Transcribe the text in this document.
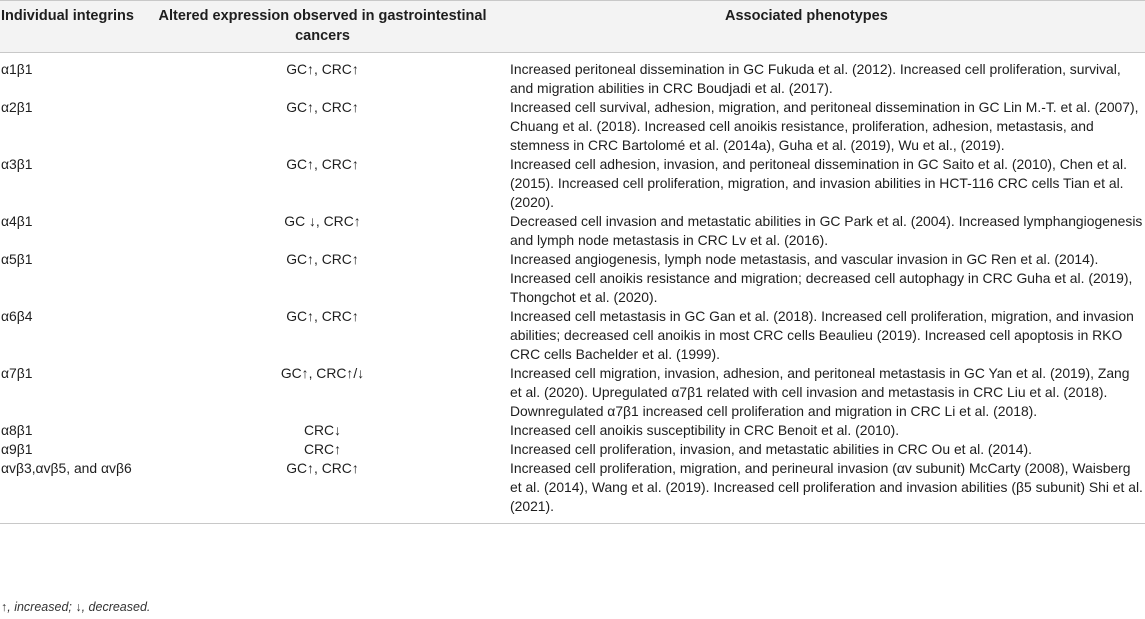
Individual integrins	Altered expression observed in gastrointestinal cancers	Associated phenotypes
α1β1	GC↑, CRC↑	Increased peritoneal dissemination in GC Fukuda et al. (2012). Increased cell proliferation, survival, and migration abilities in CRC Boudjadi et al. (2017).
α2β1	GC↑, CRC↑	Increased cell survival, adhesion, migration, and peritoneal dissemination in GC Lin M.-T. et al. (2007), Chuang et al. (2018). Increased cell anoikis resistance, proliferation, adhesion, metastasis, and stemness in CRC Bartolomé et al. (2014a), Guha et al. (2019), Wu et al., (2019).
α3β1	GC↑, CRC↑	Increased cell adhesion, invasion, and peritoneal dissemination in GC Saito et al. (2010), Chen et al. (2015). Increased cell proliferation, migration, and invasion abilities in HCT-116 CRC cells Tian et al. (2020).
α4β1	GC ↓, CRC↑	Decreased cell invasion and metastatic abilities in GC Park et al. (2004). Increased lymphangiogenesis and lymph node metastasis in CRC Lv et al. (2016).
α5β1	GC↑, CRC↑	Increased angiogenesis, lymph node metastasis, and vascular invasion in GC Ren et al. (2014). Increased cell anoikis resistance and migration; decreased cell autophagy in CRC Guha et al. (2019), Thongchot et al. (2020).
α6β4	GC↑, CRC↑	Increased cell metastasis in GC Gan et al. (2018). Increased cell proliferation, migration, and invasion abilities; decreased cell anoikis in most CRC cells Beaulieu (2019). Increased cell apoptosis in RKO CRC cells Bachelder et al. (1999).
α7β1	GC↑, CRC↑/↓	Increased cell migration, invasion, adhesion, and peritoneal metastasis in GC Yan et al. (2019), Zang et al. (2020). Upregulated α7β1 related with cell invasion and metastasis in CRC Liu et al. (2018). Downregulated α7β1 increased cell proliferation and migration in CRC Li et al. (2018).
α8β1	CRC↓	Increased cell anoikis susceptibility in CRC Benoit et al. (2010).
α9β1	CRC↑	Increased cell proliferation, invasion, and metastatic abilities in CRC Ou et al. (2014).
αvβ3,αvβ5, and αvβ6	GC↑, CRC↑	Increased cell proliferation, migration, and perineural invasion (αv subunit) McCarty (2008), Waisberg et al. (2014), Wang et al. (2019). Increased cell proliferation and invasion abilities (β5 subunit) Shi et al. (2021).
↑, increased; ↓, decreased.
